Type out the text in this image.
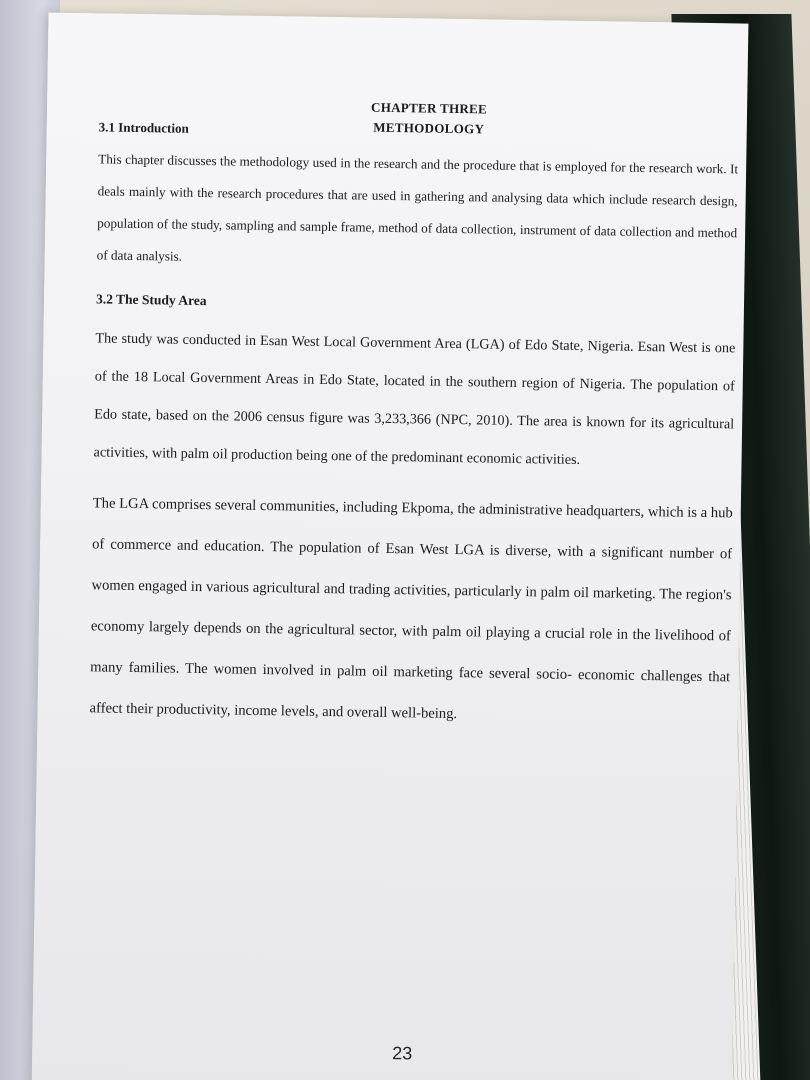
CHAPTER THREE
METHODOLOGY

3.1 Introduction

This chapter discusses the methodology used in the research and the procedure that is employed for the research work. It deals mainly with the research procedures that are used in gathering and analysing data which include research design, population of the study, sampling and sample frame, method of data collection, instrument of data collection and method of data analysis.

3.2 The Study Area

The study was conducted in Esan West Local Government Area (LGA) of Edo State, Nigeria. Esan West is one of the 18 Local Government Areas in Edo State, located in the southern region of Nigeria. The population of Edo state, based on the 2006 census figure was 3,233,366 (NPC, 2010). The area is known for its agricultural activities, with palm oil production being one of the predominant economic activities.

The LGA comprises several communities, including Ekpoma, the administrative headquarters, which is a hub of commerce and education. The population of Esan West LGA is diverse, with a significant number of women engaged in various agricultural and trading activities, particularly in palm oil marketing. The region's economy largely depends on the agricultural sector, with palm oil playing a crucial role in the livelihood of many families. The women involved in palm oil marketing face several socio- economic challenges that affect their productivity, income levels, and overall well-being.

23
